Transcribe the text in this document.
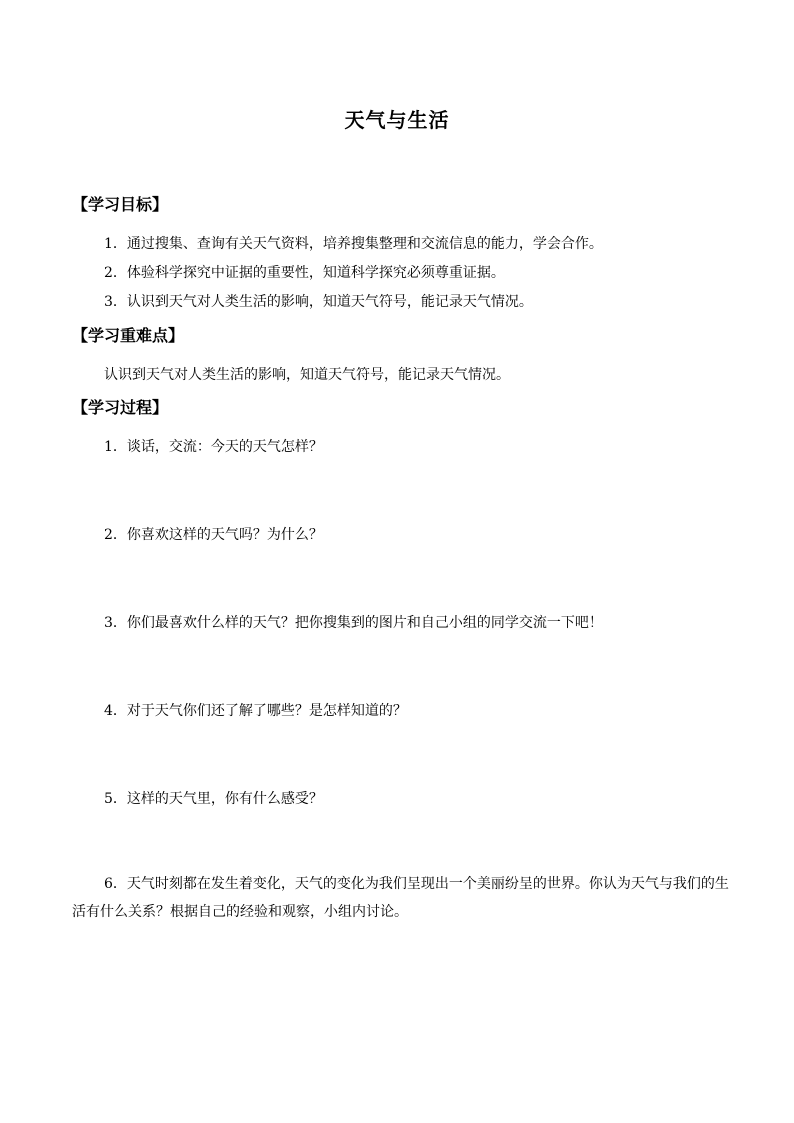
天气与生活
【学习目标】

1．通过搜集、查询有关天气资料，培养搜集整理和交流信息的能力，学会合作。

2．体验科学探究中证据的重要性，知道科学探究必须尊重证据。

3．认识到天气对人类生活的影响，知道天气符号，能记录天气情况。

【学习重难点】

认识到天气对人类生活的影响，知道天气符号，能记录天气情况。

【学习过程】

1．谈话，交流：今天的天气怎样？

2．你喜欢这样的天气吗？为什么？

3．你们最喜欢什么样的天气？把你搜集到的图片和自己小组的同学交流一下吧！

4．对于天气你们还了解了哪些？是怎样知道的？

5．这样的天气里，你有什么感受？

6．天气时刻都在发生着变化，天气的变化为我们呈现出一个美丽纷呈的世界。你认为天气与我们的生活有什么关系？根据自己的经验和观察，小组内讨论。
